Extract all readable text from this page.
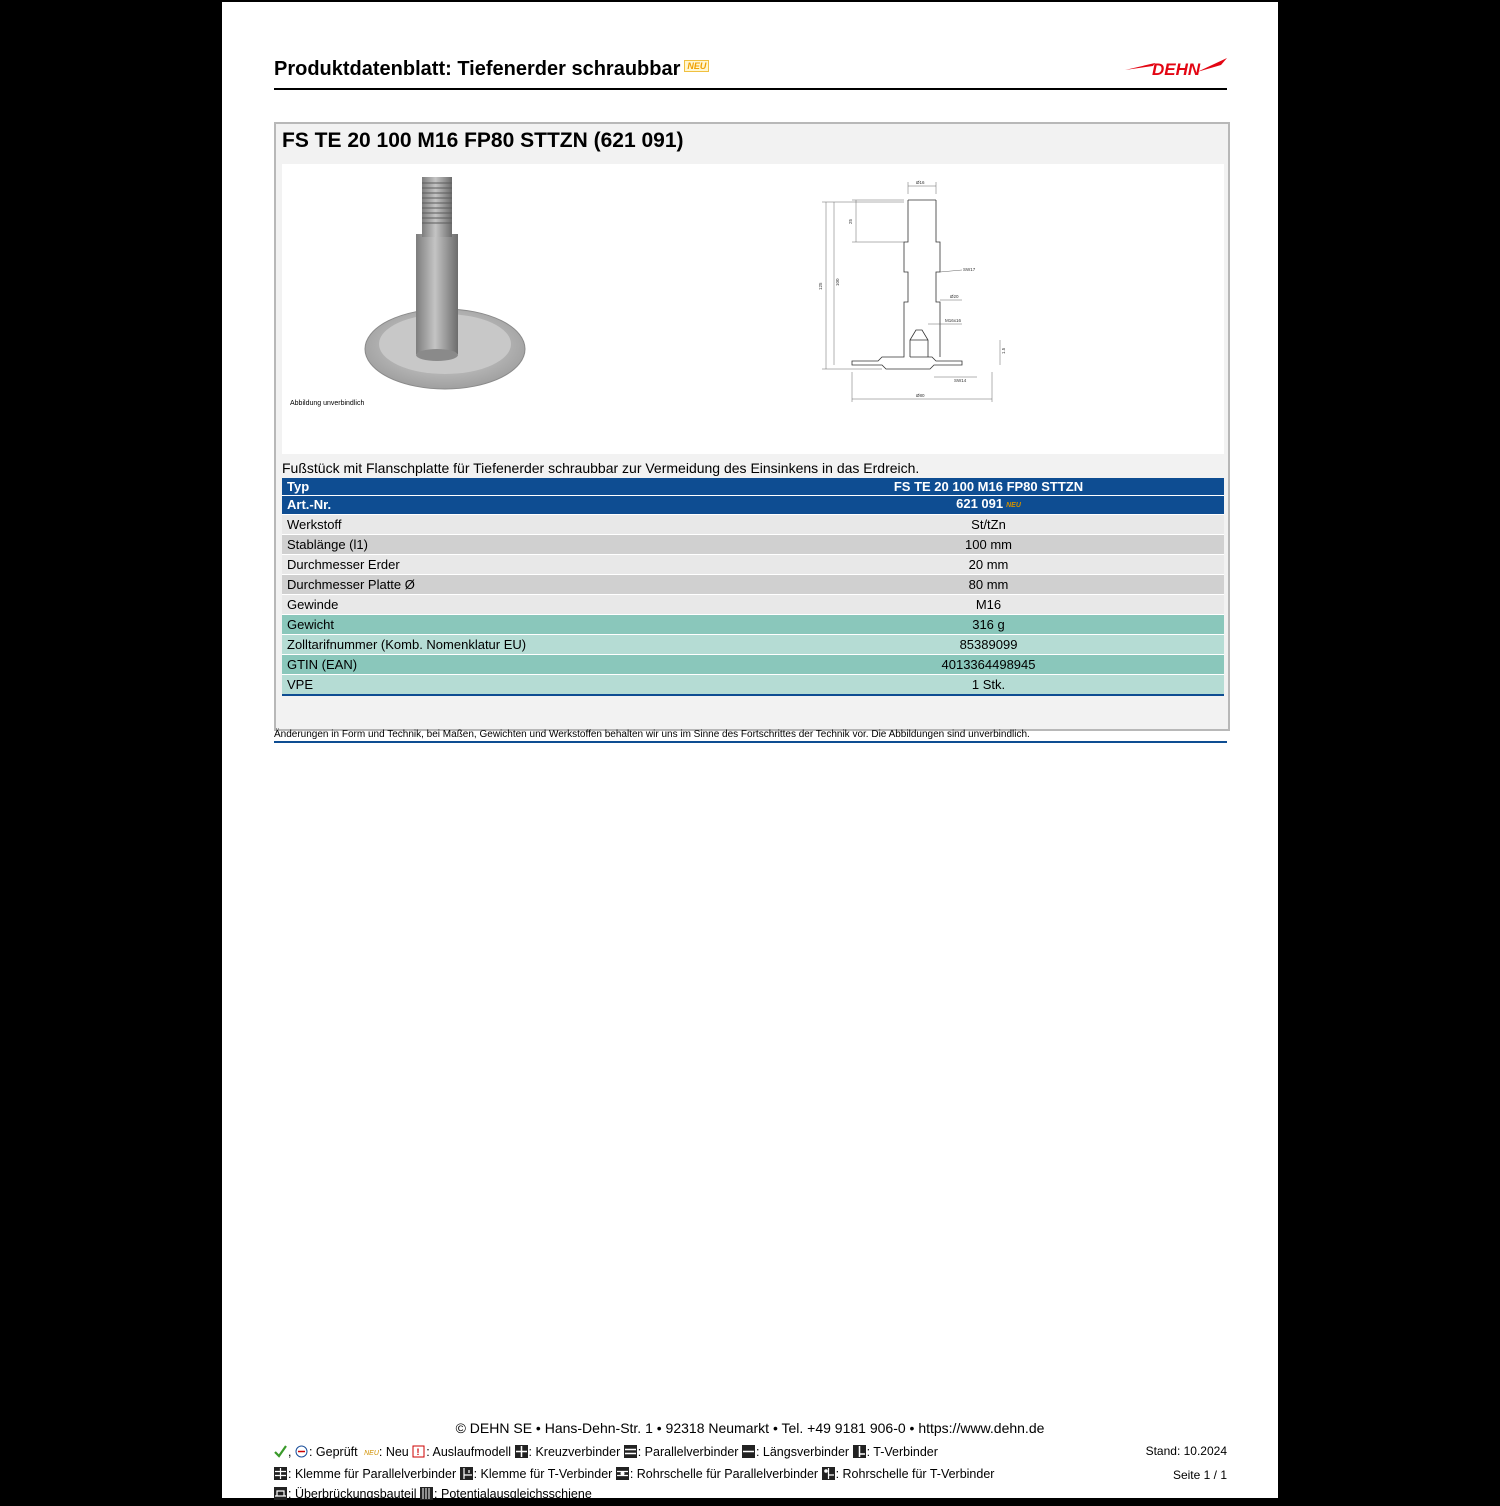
Produktdatenblatt: Tiefenerder schraubbar NEU	DEHN
FS TE 20 100 M16 FP80 STTZN (621 091)
Abbildung unverbindlich
Ø16
25
125
100
SW17
Ø20
M16x16
1.5
SW14
Ø80
Fußstück mit Flanschplatte für Tiefenerder schraubbar zur Vermeidung des Einsinkens in das Erdreich.
Typ	FS TE 20 100 M16 FP80 STTZN
Art.-Nr.	621 091 NEU
Werkstoff	St/tZn
Stablänge (l1)	100 mm
Durchmesser Erder	20 mm
Durchmesser Platte Ø	80 mm
Gewinde	M16
Gewicht	316 g
Zolltarifnummer (Komb. Nomenklatur EU)	85389099
GTIN (EAN)	4013364498945
VPE	1 Stk.
Änderungen in Form und Technik, bei Maßen, Gewichten und Werkstoffen behalten wir uns im Sinne des Fortschrittes der Technik vor. Die Abbildungen sind unverbindlich.
© DEHN SE • Hans-Dehn-Str. 1 • 92318 Neumarkt • Tel. +49 9181 906-0 • https://www.dehn.de
, : Geprüft NEU: Neu ! : Auslaufmodell : Kreuzverbinder : Parallelverbinder : Längsverbinder : T-Verbinder
: Klemme für Parallelverbinder : Klemme für T-Verbinder : Rohrschelle für Parallelverbinder : Rohrschelle für T-Verbinder
: Überbrückungsbauteil : Potentialausgleichsschiene
Stand: 10.2024
Seite 1 / 1
